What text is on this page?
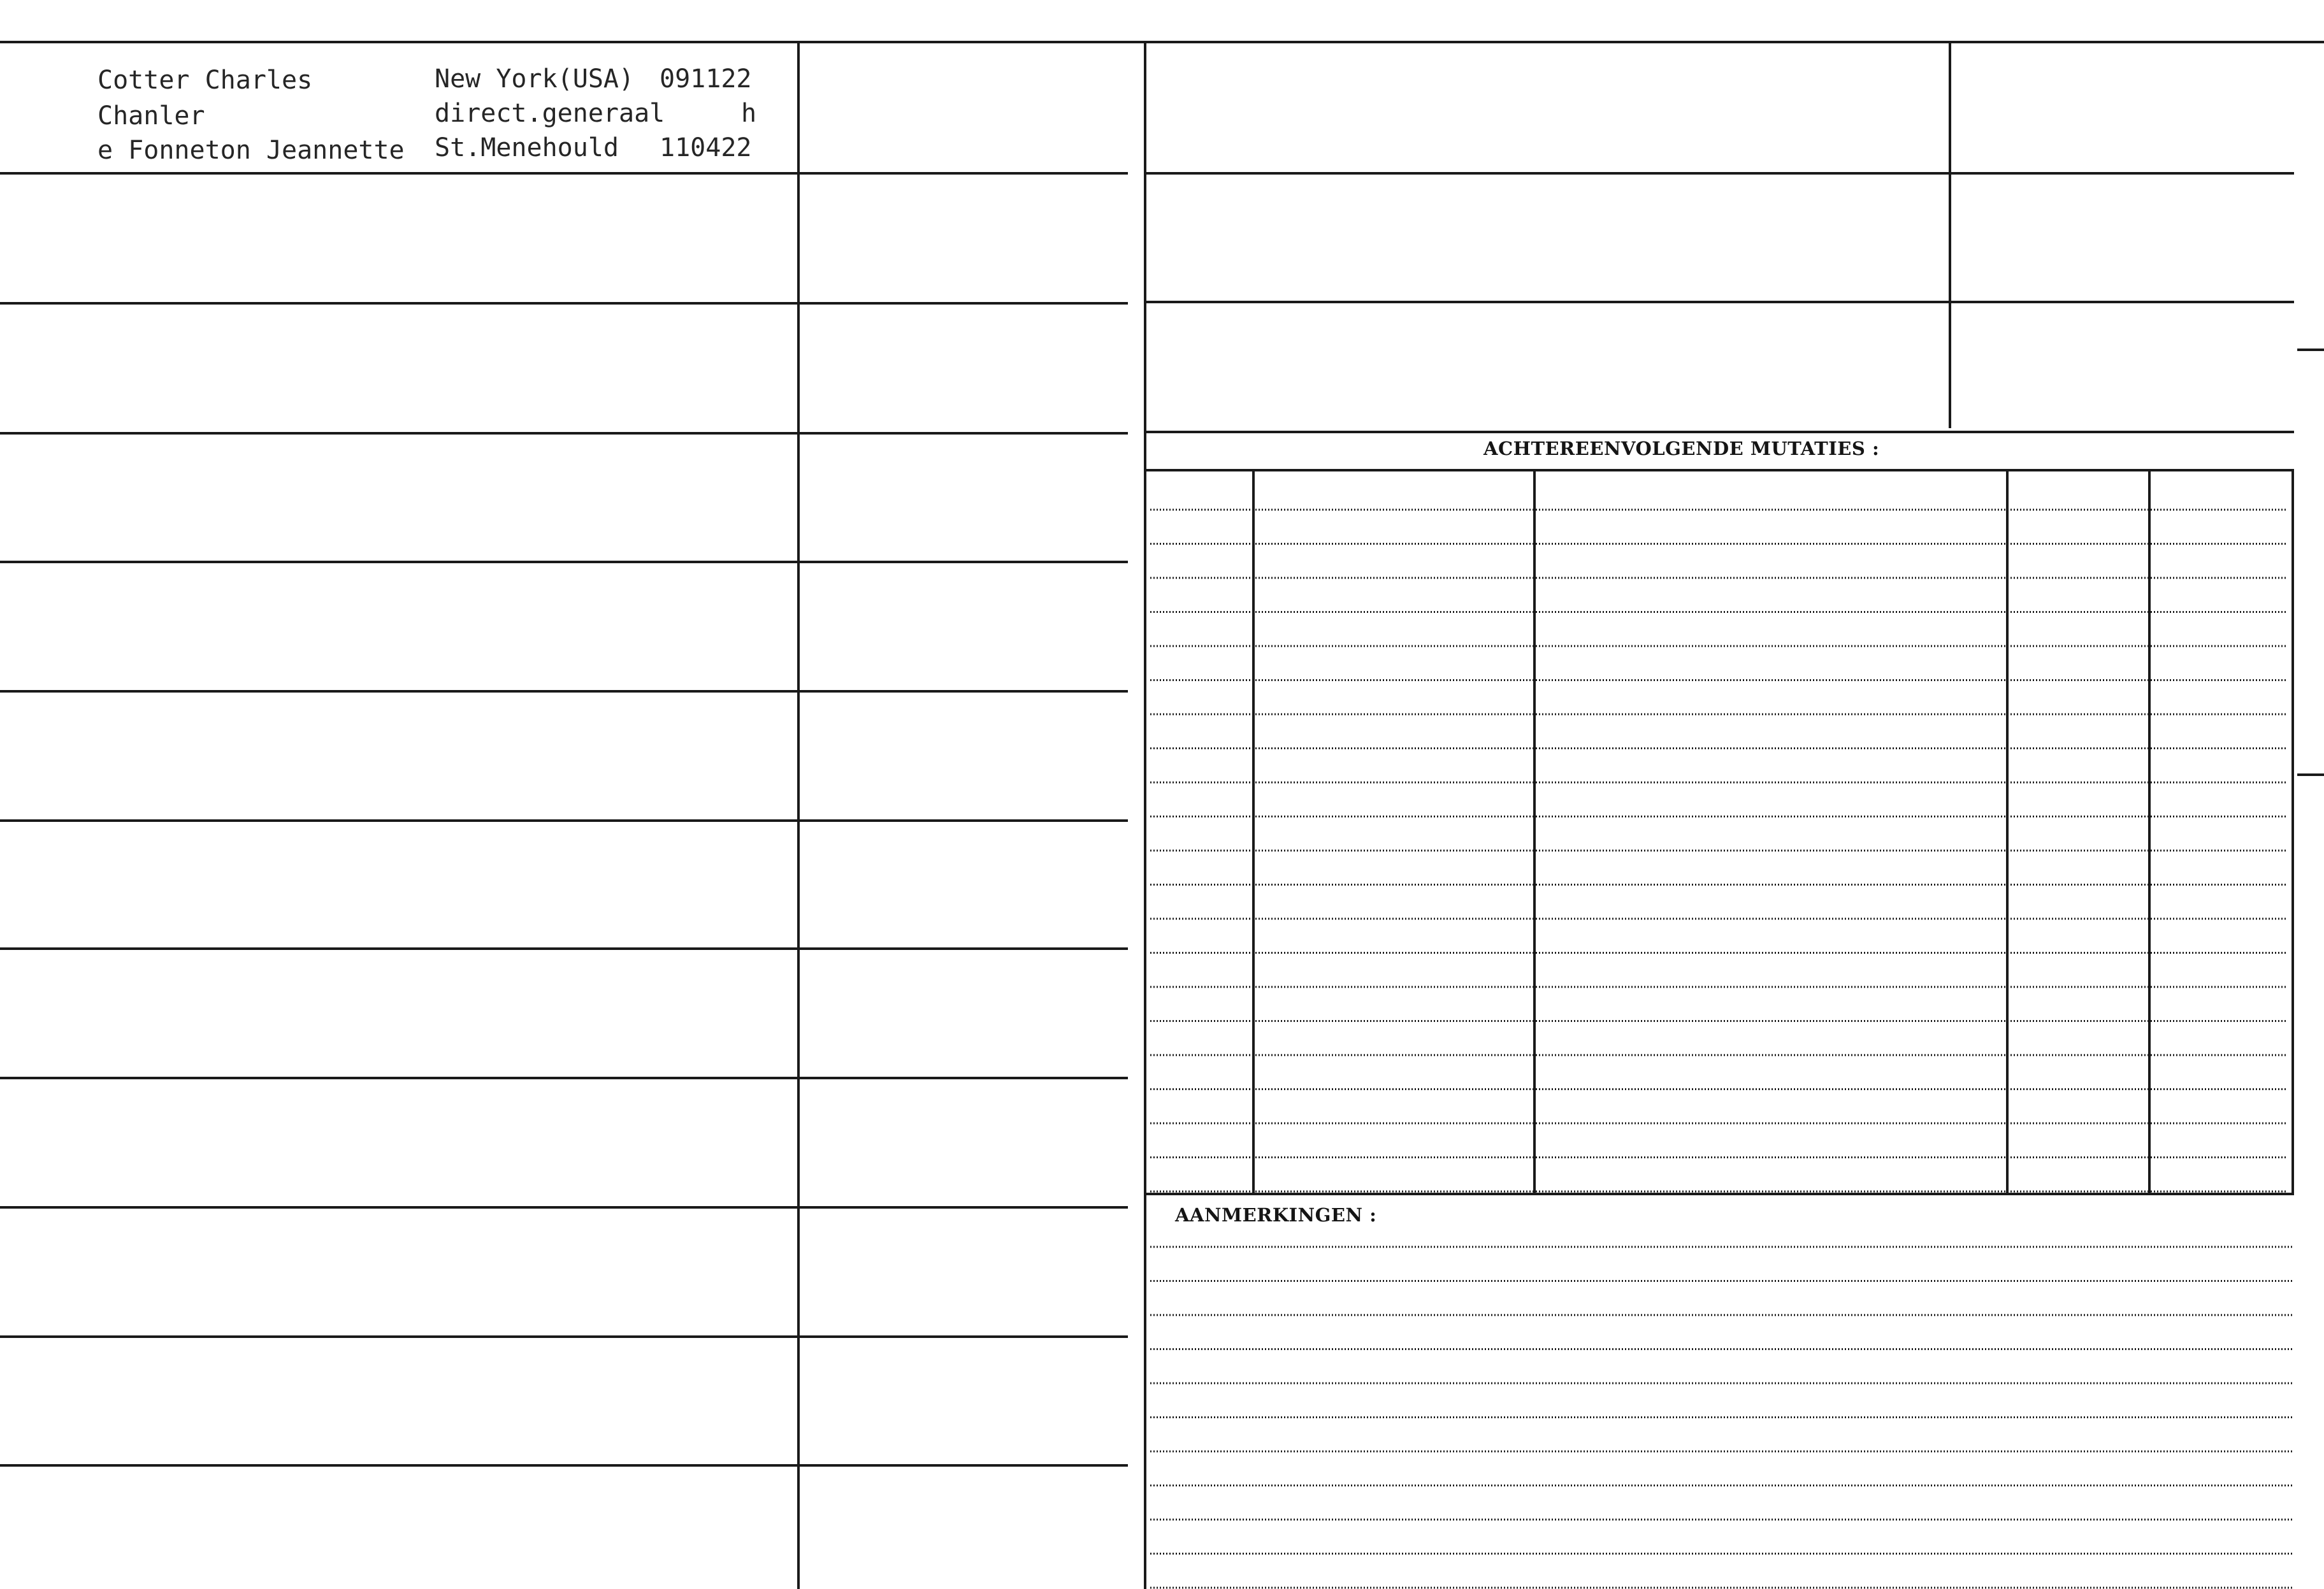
Cotter Charles
Chanler
e Fonneton Jeannette
New York(USA) 091122
direct.generaal	h
St.Menehould 110422
ACHTEREENVOLGENDE MUTATIES :
AANMERKINGEN :
